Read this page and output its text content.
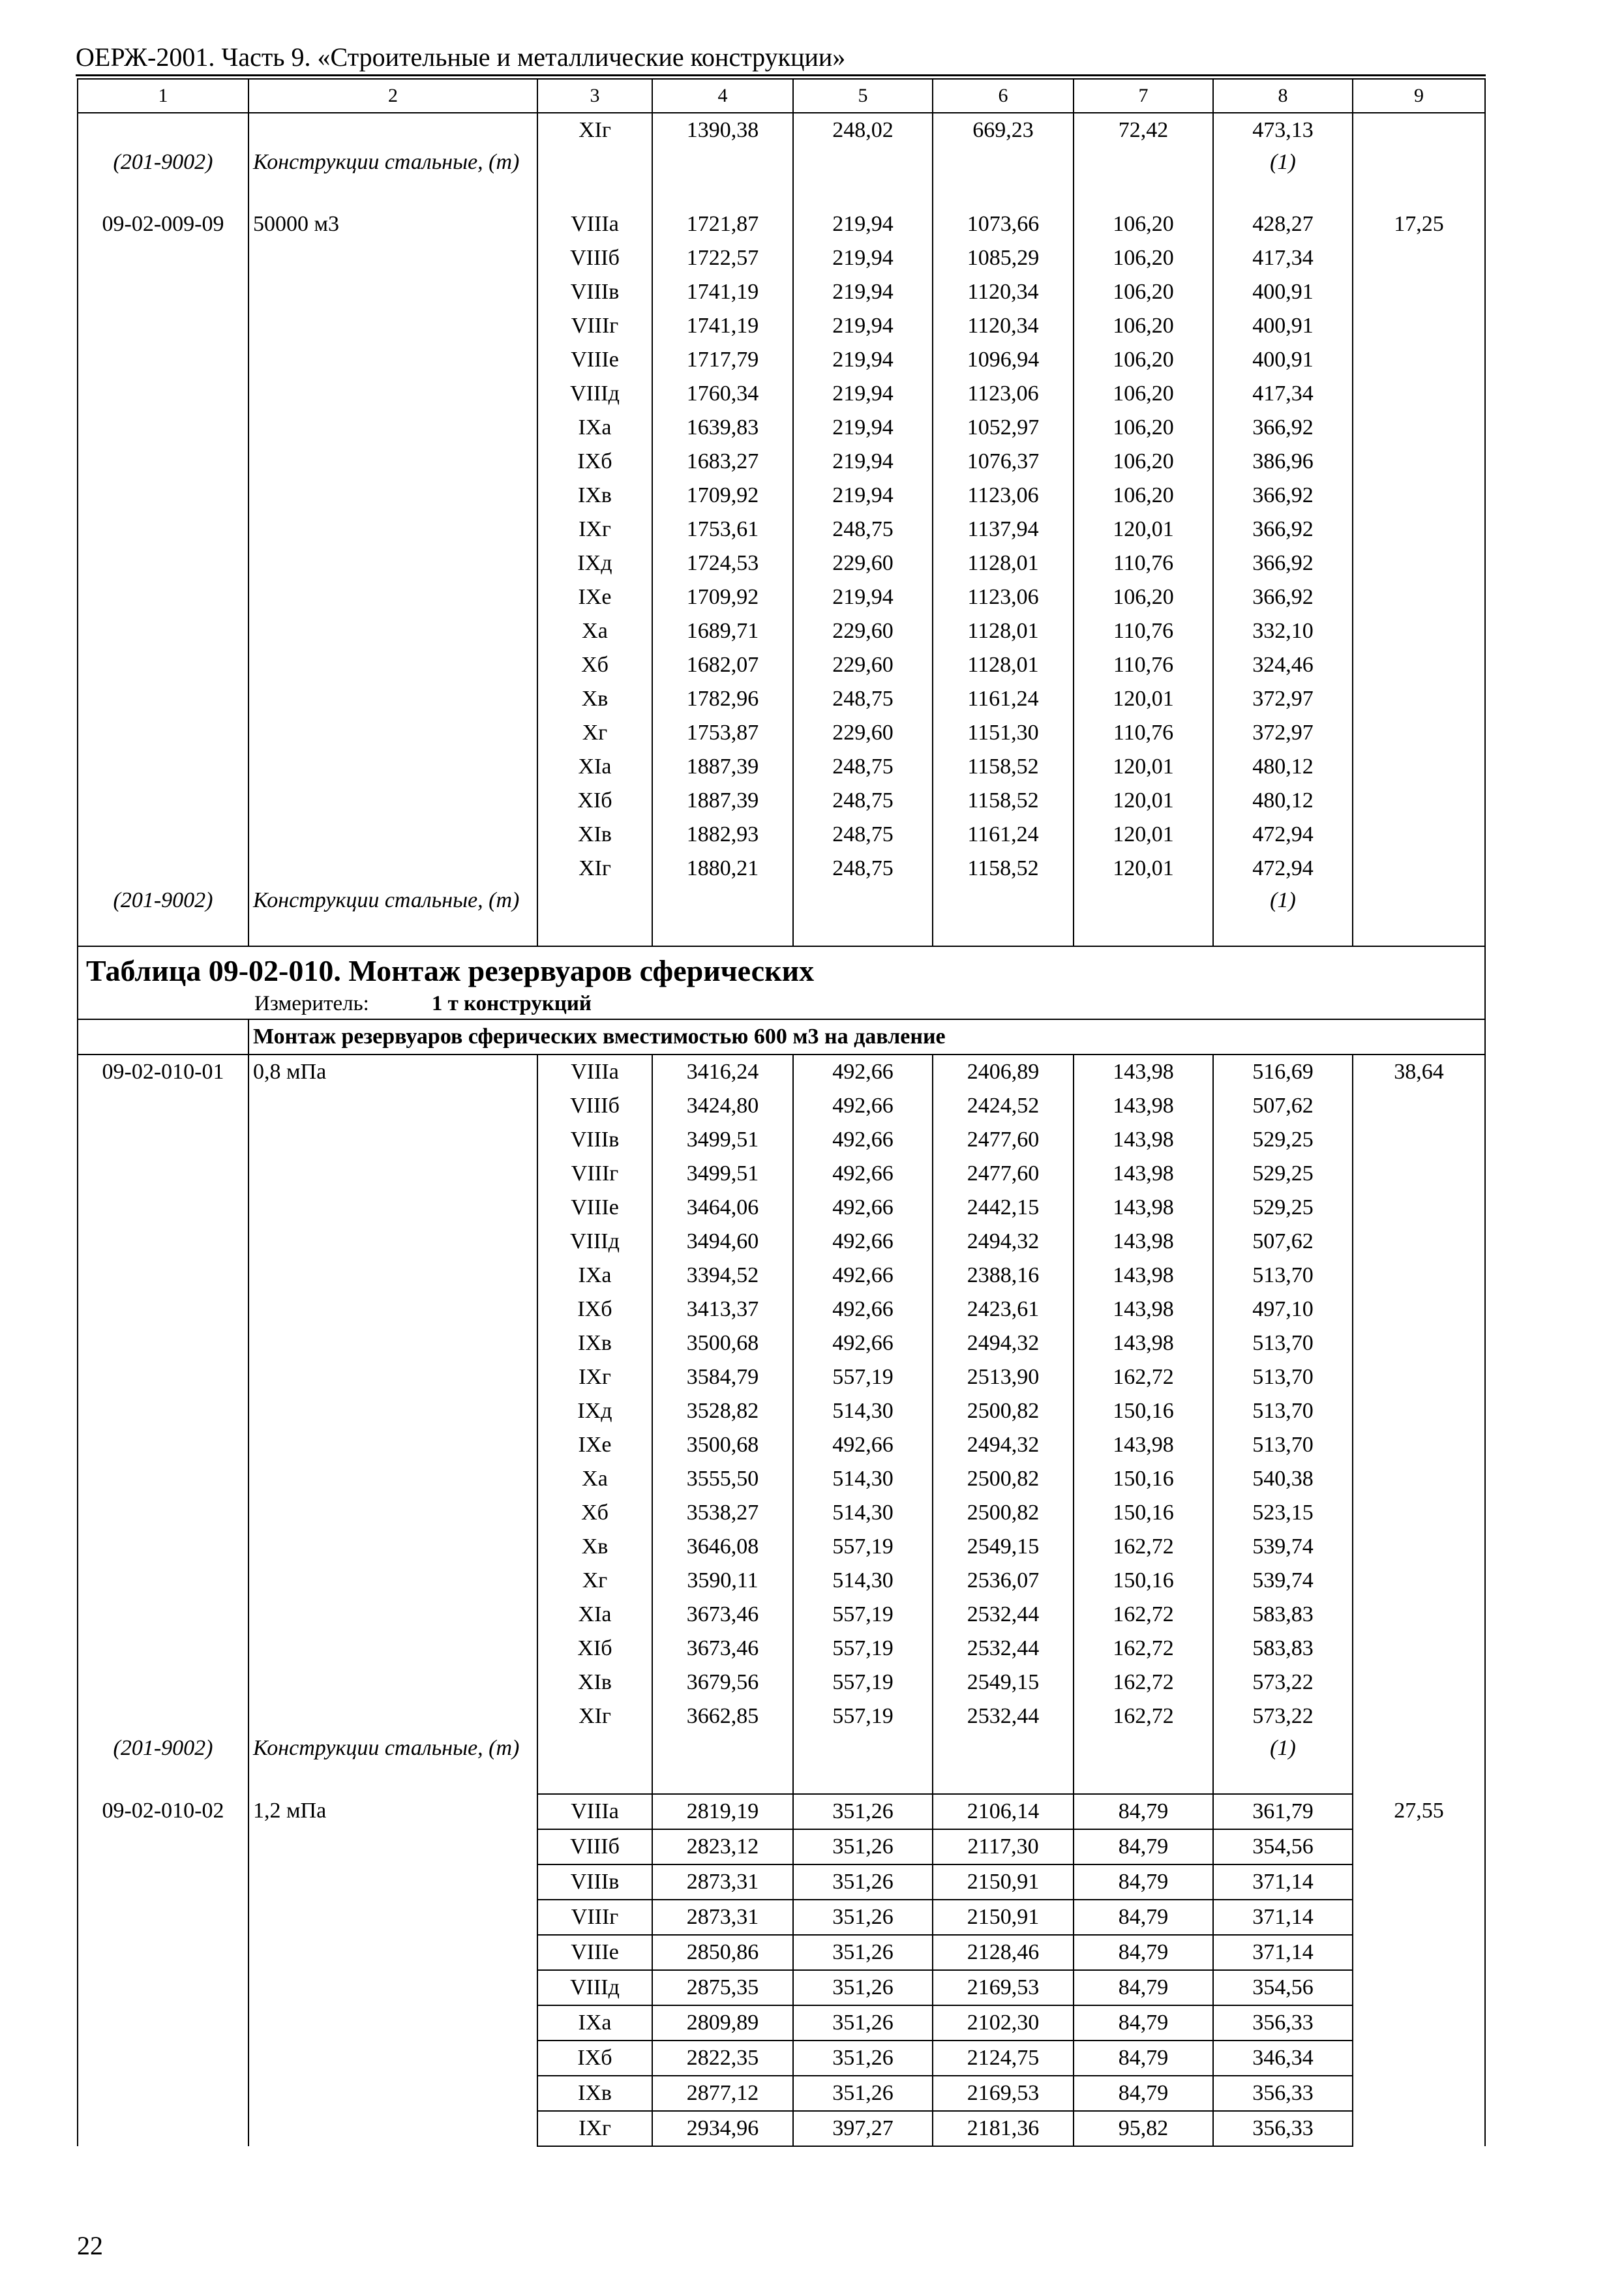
ОЕРЖ-2001. Часть 9. «Строительные и металлические конструкции»
1	2	3	4	5	6	7	8	9
		XIг	1390,38	248,02	669,23	72,42	473,13	
(201-9002)	Конструкции стальные, (т)						(1)	
09-02-009-09	50000 м3	VIIIа	1721,87	219,94	1073,66	106,20	428,27	17,25
		VIIIб	1722,57	219,94	1085,29	106,20	417,34	
		VIIIв	1741,19	219,94	1120,34	106,20	400,91	
		VIIIг	1741,19	219,94	1120,34	106,20	400,91	
		VIIIе	1717,79	219,94	1096,94	106,20	400,91	
		VIIIд	1760,34	219,94	1123,06	106,20	417,34	
		IXа	1639,83	219,94	1052,97	106,20	366,92	
		IXб	1683,27	219,94	1076,37	106,20	386,96	
		IXв	1709,92	219,94	1123,06	106,20	366,92	
		IXг	1753,61	248,75	1137,94	120,01	366,92	
		IXд	1724,53	229,60	1128,01	110,76	366,92	
		IXе	1709,92	219,94	1123,06	106,20	366,92	
		Xа	1689,71	229,60	1128,01	110,76	332,10	
		Xб	1682,07	229,60	1128,01	110,76	324,46	
		Xв	1782,96	248,75	1161,24	120,01	372,97	
		Xг	1753,87	229,60	1151,30	110,76	372,97	
		XIа	1887,39	248,75	1158,52	120,01	480,12	
		XIб	1887,39	248,75	1158,52	120,01	480,12	
		XIв	1882,93	248,75	1161,24	120,01	472,94	
		XIг	1880,21	248,75	1158,52	120,01	472,94	
(201-9002)	Конструкции стальные, (т)						(1)	

Таблица 09-02-010. Монтаж резервуаров сферических
Измеритель: 1 т конструкций								

	Монтаж резервуаров сферических вместимостью 600 м3 на давление							
09-02-010-01	0,8 мПа	VIIIа	3416,24	492,66	2406,89	143,98	516,69	38,64
		VIIIб	3424,80	492,66	2424,52	143,98	507,62	
		VIIIв	3499,51	492,66	2477,60	143,98	529,25	
		VIIIг	3499,51	492,66	2477,60	143,98	529,25	
		VIIIе	3464,06	492,66	2442,15	143,98	529,25	
		VIIIд	3494,60	492,66	2494,32	143,98	507,62	
		IXа	3394,52	492,66	2388,16	143,98	513,70	
		IXб	3413,37	492,66	2423,61	143,98	497,10	
		IXв	3500,68	492,66	2494,32	143,98	513,70	
		IXг	3584,79	557,19	2513,90	162,72	513,70	
		IXд	3528,82	514,30	2500,82	150,16	513,70	
		IXе	3500,68	492,66	2494,32	143,98	513,70	
		Xа	3555,50	514,30	2500,82	150,16	540,38	
		Xб	3538,27	514,30	2500,82	150,16	523,15	
		Xв	3646,08	557,19	2549,15	162,72	539,74	
		Xг	3590,11	514,30	2536,07	150,16	539,74	
		XIа	3673,46	557,19	2532,44	162,72	583,83	
		XIб	3673,46	557,19	2532,44	162,72	583,83	
		XIв	3679,56	557,19	2549,15	162,72	573,22	
		XIг	3662,85	557,19	2532,44	162,72	573,22	
(201-9002)	Конструкции стальные, (т)						(1)	
09-02-010-02	1,2 мПа	VIIIа	2819,19	351,26	2106,14	84,79	361,79	27,55
		VIIIб	2823,12	351,26	2117,30	84,79	354,56	
		VIIIв	2873,31	351,26	2150,91	84,79	371,14	
		VIIIг	2873,31	351,26	2150,91	84,79	371,14	
		VIIIе	2850,86	351,26	2128,46	84,79	371,14	
		VIIIд	2875,35	351,26	2169,53	84,79	354,56	
		IXа	2809,89	351,26	2102,30	84,79	356,33	
		IXб	2822,35	351,26	2124,75	84,79	346,34	
		IXв	2877,12	351,26	2169,53	84,79	356,33	
		IXг	2934,96	397,27	2181,36	95,82	356,33	
22
